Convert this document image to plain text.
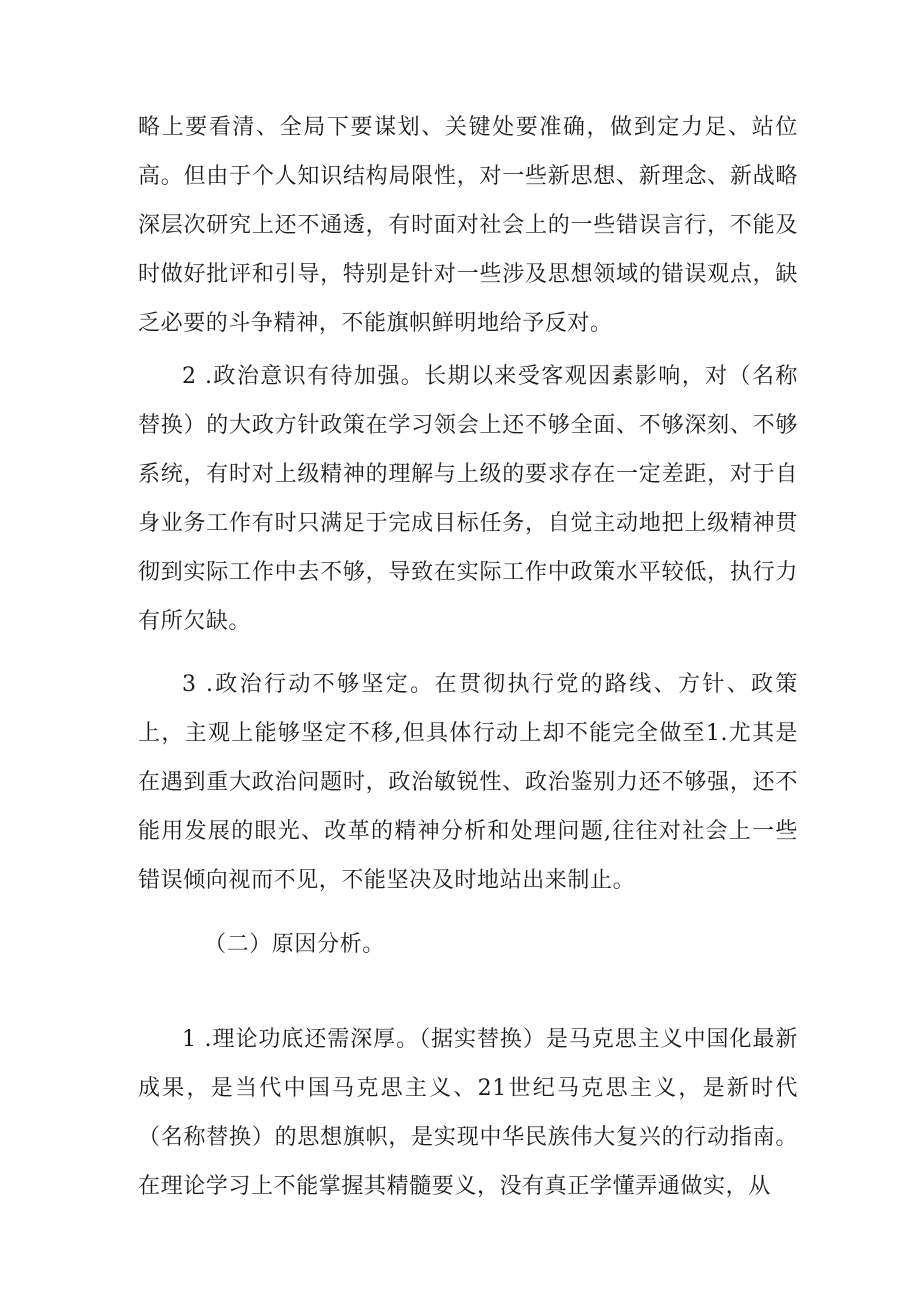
略上要看清、全局下要谋划、关键处要准确，做到定力足、站位高。但由于个人知识结构局限性，对一些新思想、新理念、新战略深层次研究上还不通透，有时面对社会上的一些错误言行，不能及时做好批评和引导，特别是针对一些涉及思想领域的错误观点，缺乏必要的斗争精神，不能旗帜鲜明地给予反对。

2 .政治意识有待加强。长期以来受客观因素影响，对（名称替换）的大政方针政策在学习领会上还不够全面、不够深刻、不够系统，有时对上级精神的理解与上级的要求存在一定差距，对于自身业务工作有时只满足于完成目标任务，自觉主动地把上级精神贯彻到实际工作中去不够，导致在实际工作中政策水平较低，执行力有所欠缺。

3 .政治行动不够坚定。在贯彻执行党的路线、方针、政策上，主观上能够坚定不移,但具体行动上却不能完全做至1.尤其是在遇到重大政治问题时，政治敏锐性、政治鉴别力还不够强，还不能用发展的眼光、改革的精神分析和处理问题,往往对社会上一些错误倾向视而不见，不能坚决及时地站出来制止。

（二）原因分析。

1 .理论功底还需深厚。（据实替换）是马克思主义中国化最新成果，是当代中国马克思主义、21世纪马克思主义，是新时代（名称替换）的思想旗帜，是实现中华民族伟大复兴的行动指南。在理论学习上不能掌握其精髓要义，没有真正学懂弄通做实，从
